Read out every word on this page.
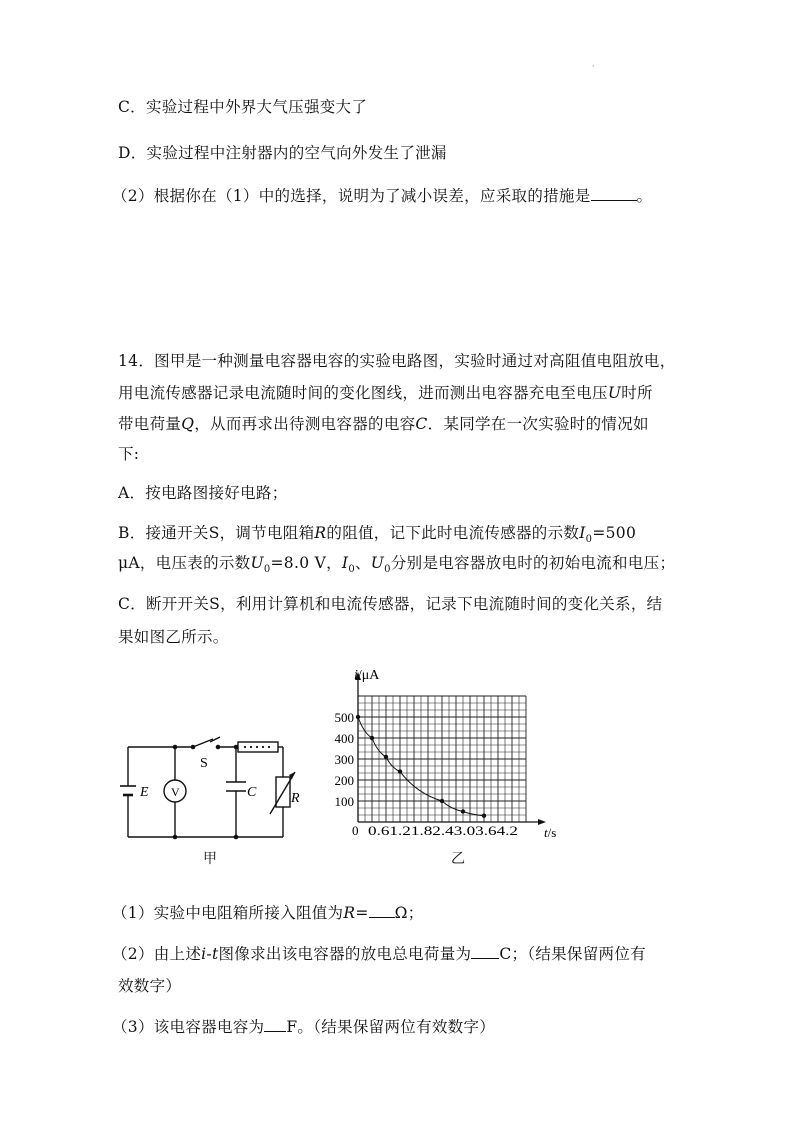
·
C．实验过程中外界大气压强变大了
D．实验过程中注射器内的空气向外发生了泄漏
（2）根据你在（1）中的选择，说明为了减小误差，应采取的措施是	。
14．图甲是一种测量电容器电容的实验电路图，实验时通过对高阻值电阻放电，
用电流传感器记录电流随时间的变化图线，进而测出电容器充电至电压U时所
带电荷量Q，从而再求出待测电容器的电容C．某同学在一次实验时的情况如
下:
A．按电路图接好电路；
B．接通开关S，调节电阻箱R的阻值，记下此时电流传感器的示数$I_0=500$
μA，电压表的示数$U_0=8.0$ V，$I_0$、$U_0$分别是电容器放电时的初始电流和电压；
C．断开开关S，利用计算机和电流传感器，记录下电流随时间的变化关系，结
果如图乙所示。
E V
S
C R
甲
500
400
300
200
100
i/μA
t/s
0 0.61.21.82.43.03.64.2
乙
（1）实验中电阻箱所接入阻值为R= Ω；
（2）由上述i-t图像求出该电容器的放电总电荷量为 C；（结果保留两位有
效数字）
（3）该电容器电容为 F。（结果保留两位有效数字）
